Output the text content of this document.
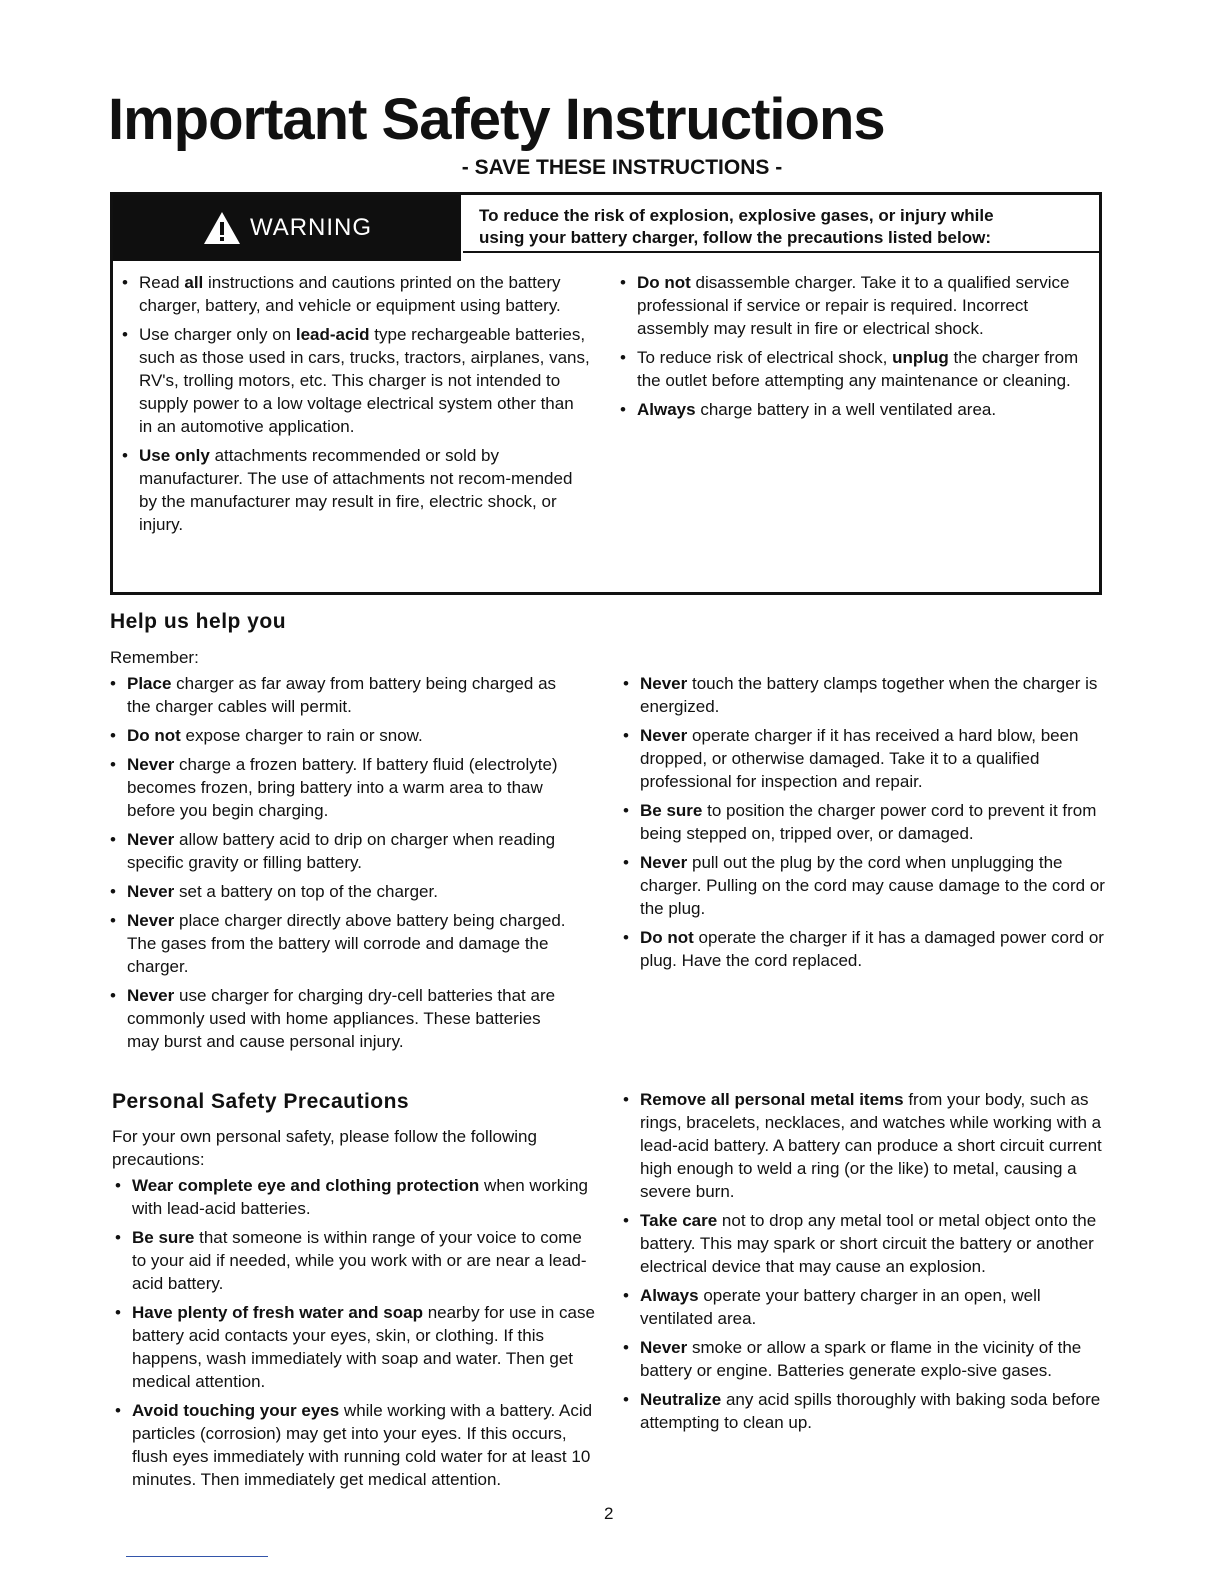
Important Safety Instructions
- SAVE THESE INSTRUCTIONS -
WARNING	To reduce the risk of explosion, explosive gases, or injury while
using your battery charger, follow the precautions listed below:
• Read all instructions and cautions printed on the battery charger, battery, and vehicle or equipment using battery.
• Use charger only on lead-acid type rechargeable batteries, such as those used in cars, trucks, tractors, airplanes, vans, RV's, trolling motors, etc. This charger is not intended to supply power to a low voltage electrical system other than in an automotive application.
• Use only attachments recommended or sold by manufacturer. The use of attachments not recom-mended by the manufacturer may result in fire, electric shock, or injury.
• Do not disassemble charger. Take it to a qualified service professional if service or repair is required. Incorrect assembly may result in fire or electrical shock.
• To reduce risk of electrical shock, unplug the charger from the outlet before attempting any maintenance or cleaning.
• Always charge battery in a well ventilated area.
Help us help you
Remember:
• Place charger as far away from battery being charged as the charger cables will permit.
• Do not expose charger to rain or snow.
• Never charge a frozen battery. If battery fluid (electrolyte) becomes frozen, bring battery into a warm area to thaw before you begin charging.
• Never allow battery acid to drip on charger when reading specific gravity or filling battery.
• Never set a battery on top of the charger.
• Never place charger directly above battery being charged. The gases from the battery will corrode and damage the charger.
• Never use charger for charging dry-cell batteries that are commonly used with home appliances. These batteries may burst and cause personal injury.
• Never touch the battery clamps together when the charger is energized.
• Never operate charger if it has received a hard blow, been dropped, or otherwise damaged. Take it to a qualified professional for inspection and repair.
• Be sure to position the charger power cord to prevent it from being stepped on, tripped over, or damaged.
• Never pull out the plug by the cord when unplugging the charger. Pulling on the cord may cause damage to the cord or the plug.
• Do not operate the charger if it has a damaged power cord or plug. Have the cord replaced.
Personal Safety Precautions
For your own personal safety, please follow the following precautions:
• Wear complete eye and clothing protection when working with lead-acid batteries.
• Be sure that someone is within range of your voice to come to your aid if needed, while you work with or are near a lead-acid battery.
• Have plenty of fresh water and soap nearby for use in case battery acid contacts your eyes, skin, or clothing. If this happens, wash immediately with soap and water. Then get medical attention.
• Avoid touching your eyes while working with a battery. Acid particles (corrosion) may get into your eyes. If this occurs, flush eyes immediately with running cold water for at least 10 minutes. Then immediately get medical attention.
• Remove all personal metal items from your body, such as rings, bracelets, necklaces, and watches while working with a lead-acid battery. A battery can produce a short circuit current high enough to weld a ring (or the like) to metal, causing a severe burn.
• Take care not to drop any metal tool or metal object onto the battery. This may spark or short circuit the battery or another electrical device that may cause an explosion.
• Always operate your battery charger in an open, well ventilated area.
• Never smoke or allow a spark or flame in the vicinity of the battery or engine. Batteries generate explo-sive gases.
• Neutralize any acid spills thoroughly with baking soda before attempting to clean up.
2
